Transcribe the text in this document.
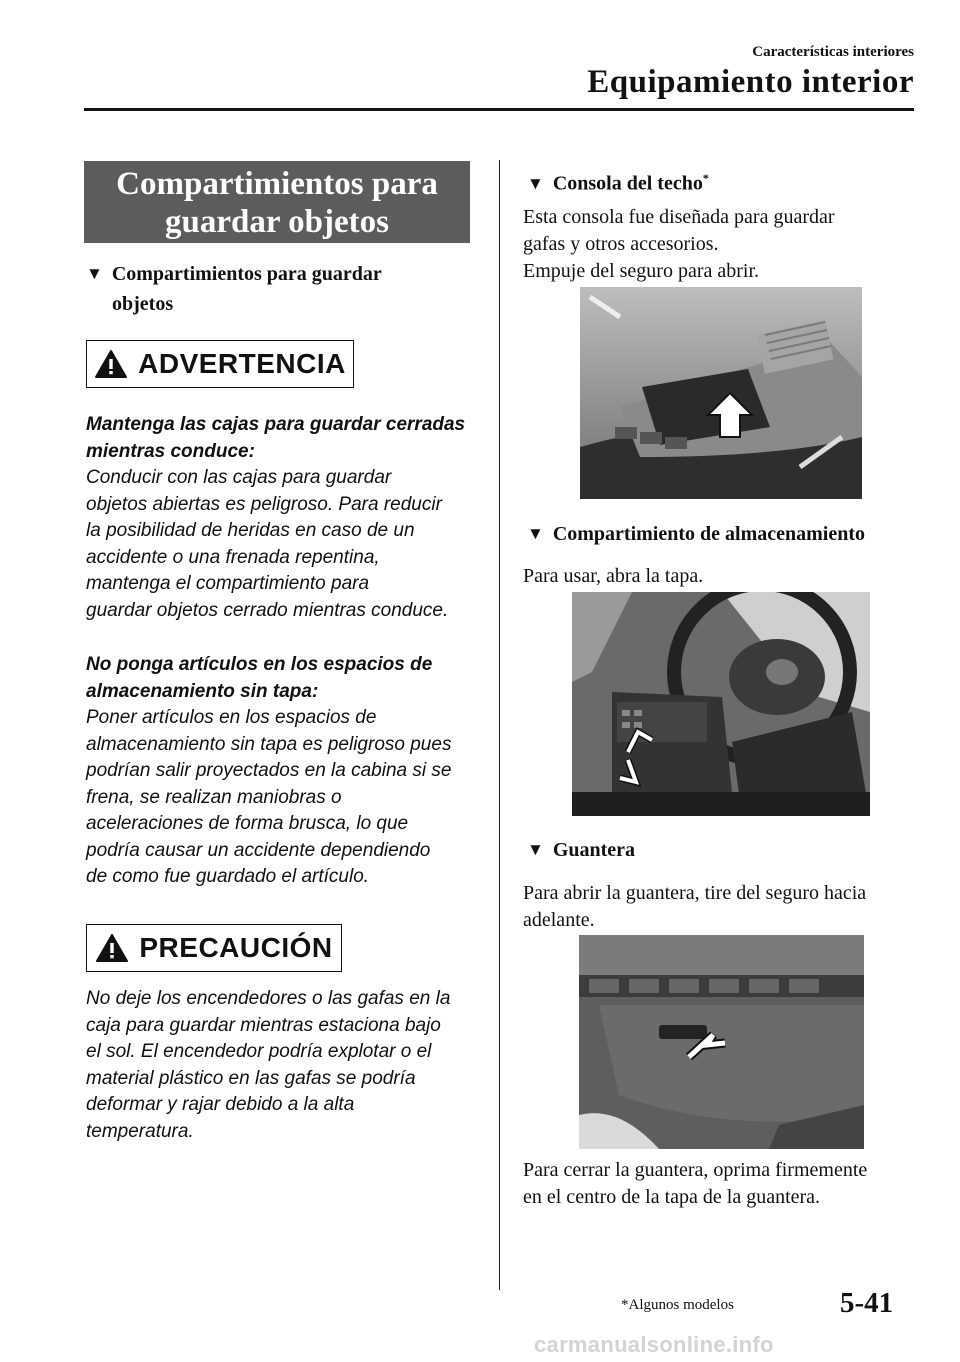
Características interiores
Equipamiento interior
Compartimientos para
guardar objetos
▼ Compartimientos para guardar
objetos
ADVERTENCIA
Mantenga las cajas para guardar cerradas
mientras conduce:
Conducir con las cajas para guardar
objetos abiertas es peligroso. Para reducir
la posibilidad de heridas en caso de un
accidente o una frenada repentina,
mantenga el compartimiento para
guardar objetos cerrado mientras conduce.
No ponga artículos en los espacios de
almacenamiento sin tapa:
Poner artículos en los espacios de
almacenamiento sin tapa es peligroso pues
podrían salir proyectados en la cabina si se
frena, se realizan maniobras o
aceleraciones de forma brusca, lo que
podría causar un accidente dependiendo
de como fue guardado el artículo.
PRECAUCIÓN
No deje los encendedores o las gafas en la
caja para guardar mientras estaciona bajo
el sol. El encendedor podría explotar o el
material plástico en las gafas se podría
deformar y rajar debido a la alta
temperatura.
▼ Consola del techo*
Esta consola fue diseñada para guardar
gafas y otros accesorios.
Empuje del seguro para abrir.
▼ Compartimiento de almacenamiento
Para usar, abra la tapa.
▼ Guantera
Para abrir la guantera, tire del seguro hacia
adelante.
Para cerrar la guantera, oprima firmemente
en el centro de la tapa de la guantera.
*Algunos modelos	5-41
carmanualsonline.info
